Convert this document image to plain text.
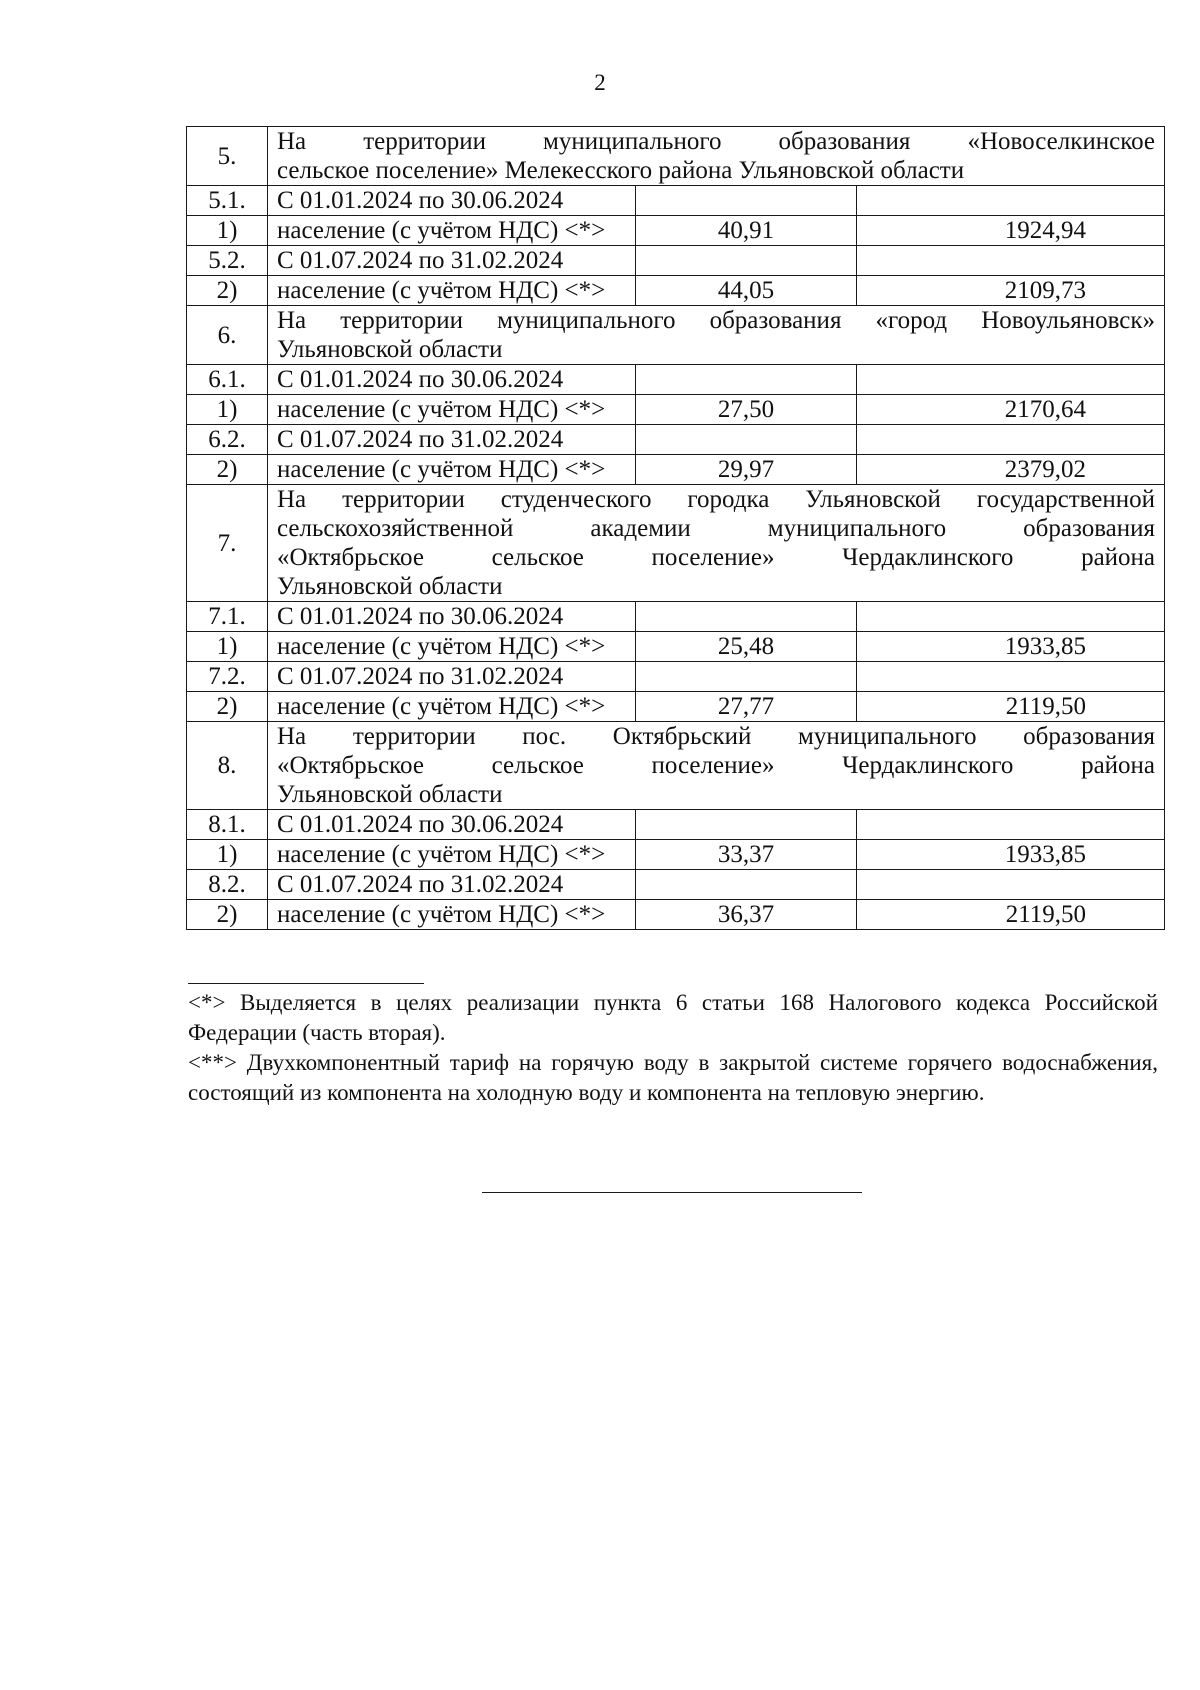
2
5.	На территории муниципального образования «Новоселкинское
сельское поселение» Мелекесского района Ульяновской области		

5.1.	С 01.01.2024 по 30.06.2024		
1)	население (с учётом НДС) <*>	40,91	1924,94
5.2.	С 01.07.2024 по 31.02.2024		
2)	население (с учётом НДС) <*>	44,05	2109,73
6.	На территории муниципального образования «город Новоульяновск»
Ульяновской области		

6.1.	С 01.01.2024 по 30.06.2024		
1)	население (с учётом НДС) <*>	27,50	2170,64
6.2.	С 01.07.2024 по 31.02.2024		
2)	население (с учётом НДС) <*>	29,97	2379,02
7.	На территории студенческого городка Ульяновской государственной
сельскохозяйственной академии муниципального образования
«Октябрьское сельское поселение» Чердаклинского района
Ульяновской области		

7.1.	С 01.01.2024 по 30.06.2024		
1)	население (с учётом НДС) <*>	25,48	1933,85
7.2.	С 01.07.2024 по 31.02.2024		
2)	население (с учётом НДС) <*>	27,77	2119,50
8.	На территории пос. Октябрьский муниципального образования
«Октябрьское сельское поселение» Чердаклинского района
Ульяновской области		

8.1.	С 01.01.2024 по 30.06.2024		
1)	население (с учётом НДС) <*>	33,37	1933,85
8.2.	С 01.07.2024 по 31.02.2024		
2)	население (с учётом НДС) <*>	36,37	2119,50

<*> Выделяется в целях реализации пункта 6 статьи 168 Налогового кодекса Российской Федерации (часть вторая).

<**> Двухкомпонентный тариф на горячую воду в закрытой системе горячего водоснабжения, состоящий из компонента на холодную воду и компонента на тепловую энергию.
